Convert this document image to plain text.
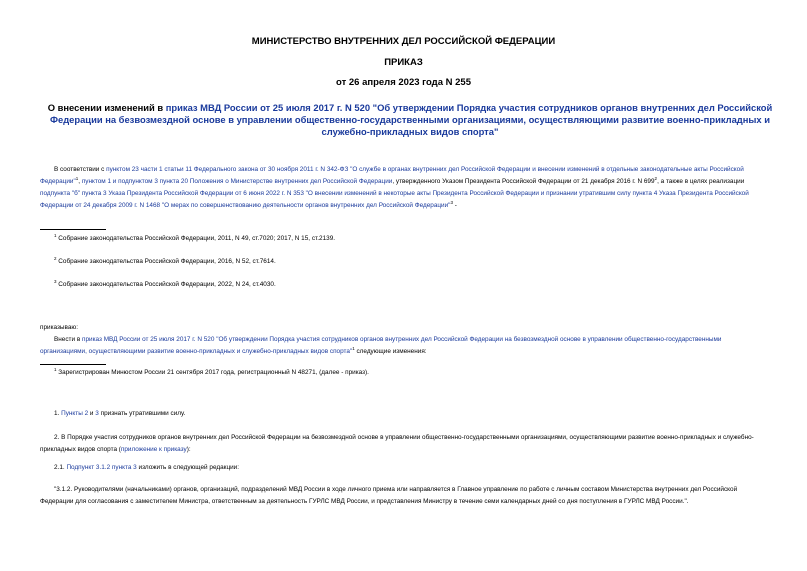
МИНИСТЕРСТВО ВНУТРЕННИХ ДЕЛ РОССИЙСКОЙ ФЕДЕРАЦИИ
ПРИКАЗ
от 26 апреля 2023 года N 255
О внесении изменений в приказ МВД России от 25 июля 2017 г. N 520 "Об утверждении Порядка участия сотрудников органов внутренних дел Российской Федерации на безвозмездной основе в управлении общественно-государственными организациями, осуществляющими развитие военно-прикладных и служебно-прикладных видов спорта"
В соответствии с пунктом 23 части 1 статьи 11 Федерального закона от 30 ноября 2011 г. N 342-ФЗ "О службе в органах внутренних дел Российской Федерации и внесении изменений в отдельные законодательные акты Российской Федерации"$^1$, пунктом 1 и подпунктом 3 пункта 20 Положения о Министерстве внутренних дел Российской Федерации, утвержденного Указом Президента Российской Федерации от 21 декабря 2016 г. N $699^2$, а также в целях реализации подпункта "б" пункта 3 Указа Президента Российской Федерации от 6 июня 2022 г. N 353 "О внесении изменений в некоторые акты Президента Российской Федерации и признании утратившим силу пункта 4 Указа Президента Российской Федерации от 24 декабря 2009 г. N 1468 "О мерах по совершенствованию деятельности органов внутренних дел Российской Федерации"$^3$ -
$^1$ Собрание законодательства Российской Федерации, 2011, N 49, ст.7020; 2017, N 15, ст.2139.
$^2$ Собрание законодательства Российской Федерации, 2016, N 52, ст.7614.
$^3$ Собрание законодательства Российской Федерации, 2022, N 24, ст.4030.
приказываю:
Внести в приказ МВД России от 25 июля 2017 г. N 520 "Об утверждении Порядка участия сотрудников органов внутренних дел Российской Федерации на безвозмездной основе в управлении общественно-государственными организациями, осуществляющими развитие военно-прикладных и служебно-прикладных видов спорта"$^1$ следующие изменения:
$^1$ Зарегистрирован Минюстом России 21 сентября 2017 года, регистрационный N 48271, (далее - приказ).
1. Пункты 2 и 3 признать утратившими силу.
2. В Порядке участия сотрудников органов внутренних дел Российской Федерации на безвозмездной основе в управлении общественно-государственными организациями, осуществляющими развитие военно-прикладных и служебно-прикладных видов спорта (приложение к приказу):
2.1. Подпункт 3.1.2 пункта 3 изложить в следующей редакции:
"3.1.2. Руководителями (начальниками) органов, организаций, подразделений МВД России в ходе личного приема или направляется в Главное управление по работе с личным составом Министерства внутренних дел Российской Федерации для согласования с заместителем Министра, ответственным за деятельность ГУРЛС МВД России, и представления Министру в течение семи календарных дней со дня поступления в ГУРЛС МВД России.".
